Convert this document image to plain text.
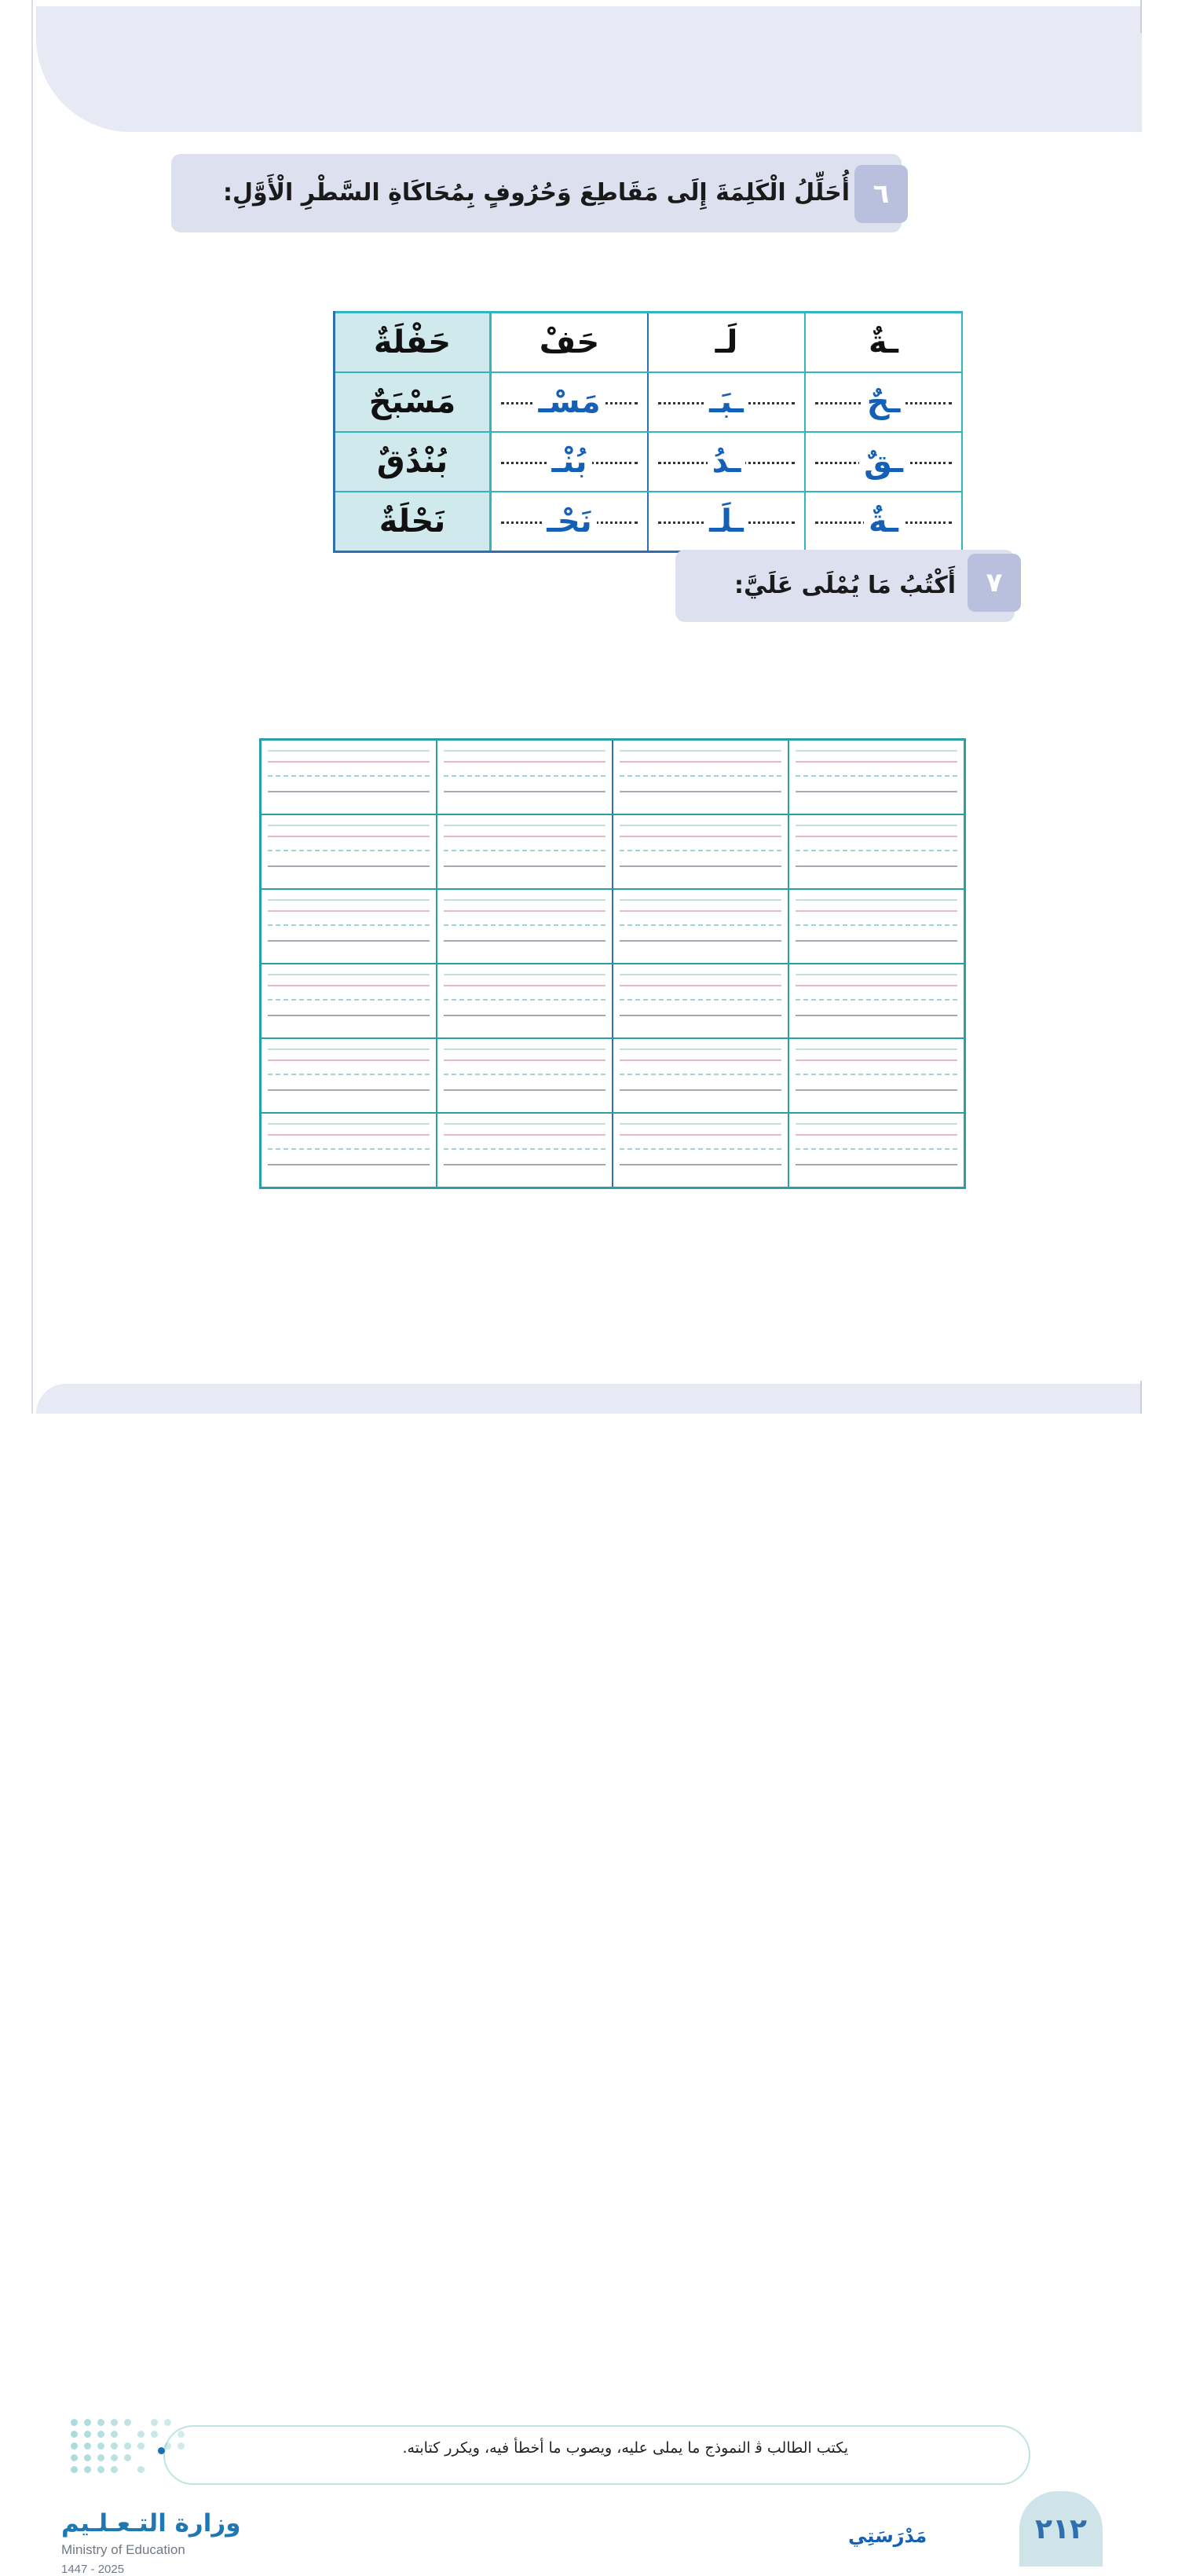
أُحَلِّلُ الْكَلِمَةَ إِلَى مَقَاطِعَ وَحُرُوفٍ بِمُحَاكَاةِ السَّطْرِ الْأَوَّلِ: ٦
ـةٌ	لَـ	حَفْ	حَفْلَةٌ

ـحٌ	ـبَـ	مَسْـ	مَسْبَحٌ

ـقٌ	ـدُ	بُنْـ	بُنْدُقٌ

ـةٌ	ـلَـ	نَحْـ	نَحْلَةٌ
أَكْتُبُ مَا يُمْلَى عَلَيَّ:	٧

يكتب الطالب ﭬ النموذج ما يملى عليه، ويصوب ما أخطأ فيه، ويكرر كتابته.
وزارة التـعـلـيم
Ministry of Education
2025 - 1447
مَدْرَسَتِي	٢١٢
